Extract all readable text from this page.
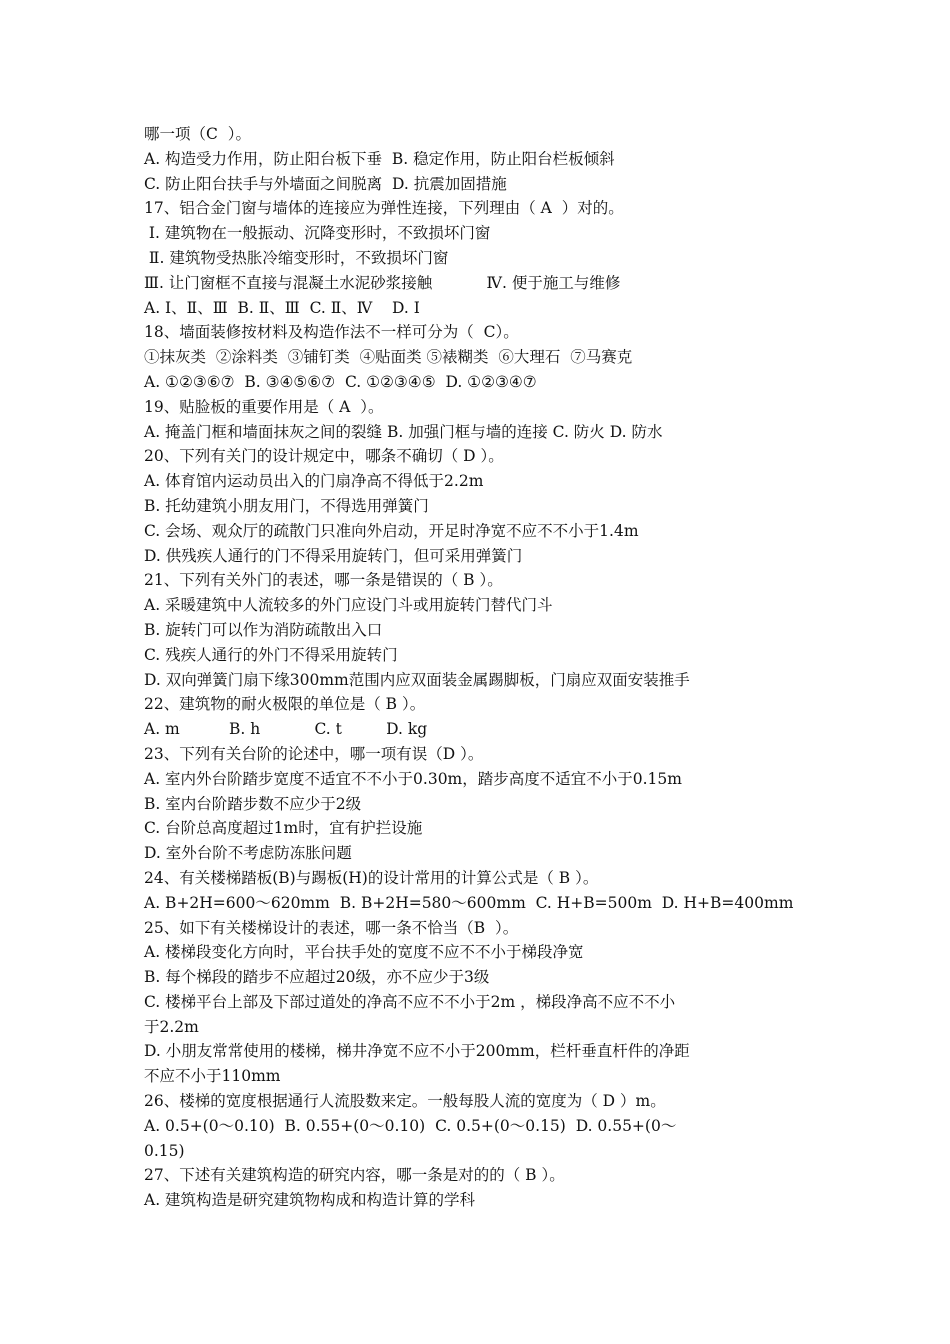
哪一项（C  ）。
A. 构造受力作用，防止阳台板下垂  B. 稳定作用，防止阳台栏板倾斜
C. 防止阳台扶手与外墙面之间脱离  D. 抗震加固措施
17、铝合金门窗与墙体的连接应为弹性连接，下列理由（ A  ）对的。
Ⅰ. 建筑物在一般振动、沉降变形时，不致损坏门窗
Ⅱ. 建筑物受热胀冷缩变形时，不致损坏门窗
Ⅲ. 让门窗框不直接与混凝土水泥砂浆接触           Ⅳ. 便于施工与维修
A. Ⅰ、Ⅱ、Ⅲ  B. Ⅱ、Ⅲ  C. Ⅱ、Ⅳ    D. Ⅰ
18、墙面装修按材料及构造作法不一样可分为（  C）。
①抹灰类  ②涂料类  ③铺钉类  ④贴面类 ⑤裱糊类  ⑥大理石  ⑦马赛克
A. ①②③⑥⑦  B. ③④⑤⑥⑦  C. ①②③④⑤  D. ①②③④⑦
19、贴脸板的重要作用是（ A  ）。
A. 掩盖门框和墙面抹灰之间的裂缝 B. 加强门框与墙的连接 C. 防火 D. 防水
20、下列有关门的设计规定中，哪条不确切（ D ）。
A. 体育馆内运动员出入的门扇净高不得低于2.2m
B. 托幼建筑小朋友用门，不得选用弹簧门
C. 会场、观众厅的疏散门只准向外启动，开足时净宽不应不不小于1.4m
D. 供残疾人通行的门不得采用旋转门，但可采用弹簧门
21、下列有关外门的表述，哪一条是错误的（ B ）。
A. 采暖建筑中人流较多的外门应设门斗或用旋转门替代门斗
B. 旋转门可以作为消防疏散出入口
C. 残疾人通行的外门不得采用旋转门
D. 双向弹簧门扇下缘300mm范围内应双面装金属踢脚板，门扇应双面安装推手
22、建筑物的耐火极限的单位是（ B ）。
A. m          B. h           C. t         D. kg
23、下列有关台阶的论述中，哪一项有误（D ）。
A. 室内外台阶踏步宽度不适宜不不小于0.30m，踏步高度不适宜不小于0.15m
B. 室内台阶踏步数不应少于2级
C. 台阶总高度超过1m时，宜有护拦设施
D. 室外台阶不考虑防冻胀问题
24、有关楼梯踏板(B)与踢板(H)的设计常用的计算公式是（ B ）。
A. B+2H=600～620mm  B. B+2H=580～600mm  C. H+B=500m  D. H+B=400mm
25、如下有关楼梯设计的表述，哪一条不恰当（B  ）。
A. 楼梯段变化方向时，平台扶手处的宽度不应不不小于梯段净宽
B. 每个梯段的踏步不应超过20级，亦不应少于3级
C. 楼梯平台上部及下部过道处的净高不应不不小于2m ，梯段净高不应不不小
于2.2m
D. 小朋友常常使用的楼梯，梯井净宽不应不小于200mm，栏杆垂直杆件的净距
不应不小于110mm
26、楼梯的宽度根据通行人流股数来定。一般每股人流的宽度为（ D ）m。
A. 0.5+(0～0.10)  B. 0.55+(0～0.10)  C. 0.5+(0～0.15)  D. 0.55+(0～
0.15)
27、下述有关建筑构造的研究内容，哪一条是对的的（ B ）。
A. 建筑构造是研究建筑物构成和构造计算的学科
